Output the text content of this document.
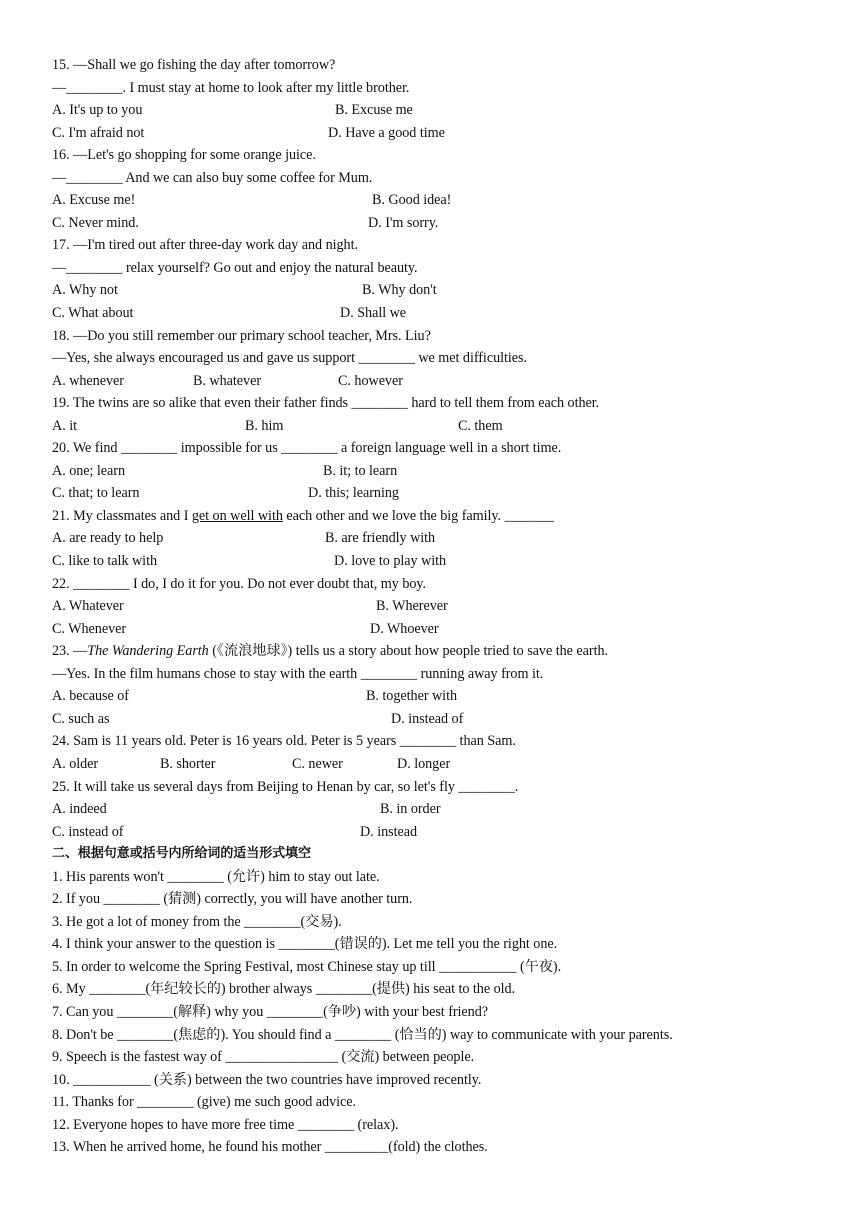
15. —Shall we go fishing the day after tomorrow?
—________. I must stay at home to look after my little brother.

A. It's up to you

	B. Excuse me

C. I'm afraid not

	D. Have a good time

16. —Let's go shopping for some orange juice.
—________ And we can also buy some coffee for Mum.

A. Excuse me!

	B. Good idea!

C. Never mind.

	D. I'm sorry.

17. —I'm tired out after three-day work day and night.
—________ relax yourself? Go out and enjoy the natural beauty.

A. Why not

	B. Why don't

C. What about

	D. Shall we

18. —Do you still remember our primary school teacher, Mrs. Liu?
—Yes, she always encouraged us and gave us support ________ we met difficulties.

A. whenever

	B. whatever

	C. however

19. The twins are so alike that even their father finds ________ hard to tell them from each other.

A. it

	B. him

	C. them

20. We find ________ impossible for us ________ a foreign language well in a short time.

A. one; learn

	B. it; to learn

C. that; to learn

	D. this; learning

21. My classmates and I get on well with each other and we love the big family. _______

A. are ready to help

	B. are friendly with

C. like to talk with

	D. love to play with

22. ________ I do, I do it for you. Do not ever doubt that, my boy.

A. Whatever

	B. Wherever

C. Whenever

	D. Whoever

23. —The Wandering Earth (《流浪地球》) tells us a story about how people tried to save the earth.
—Yes. In the film humans chose to stay with the earth ________ running away from it.

A. because of

	B. together with

C. such as

	D. instead of

24. Sam is 11 years old. Peter is 16 years old. Peter is 5 years ________ than Sam.

A. older

	B. shorter

	C. newer

	D. longer

25. It will take us several days from Beijing to Henan by car, so let's fly ________.

A. indeed

	B. in order

C. instead of

	D. instead

二、根据句意或括号内所给词的适当形式填空
1. His parents won't ________ (允许) him to stay out late.
2. If you ________ (猜测) correctly, you will have another turn.
3. He got a lot of money from the ________(交易).
4. I think your answer to the question is ________(错误的). Let me tell you the right one.
5. In order to welcome the Spring Festival, most Chinese stay up till ___________ (午夜).
6. My ________(年纪较长的) brother always ________(提供) his seat to the old.
7. Can you ________(解释) why you ________(争吵) with your best friend?
8. Don't be ________(焦虑的). You should find a ________ (恰当的) way to communicate with your parents.
9. Speech is the fastest way of ________________ (交流) between people.
10. ___________ (关系) between the two countries have improved recently.
11. Thanks for ________ (give) me such good advice.
12. Everyone hopes to have more free time ________ (relax).
13. When he arrived home, he found his mother _________(fold) the clothes.
